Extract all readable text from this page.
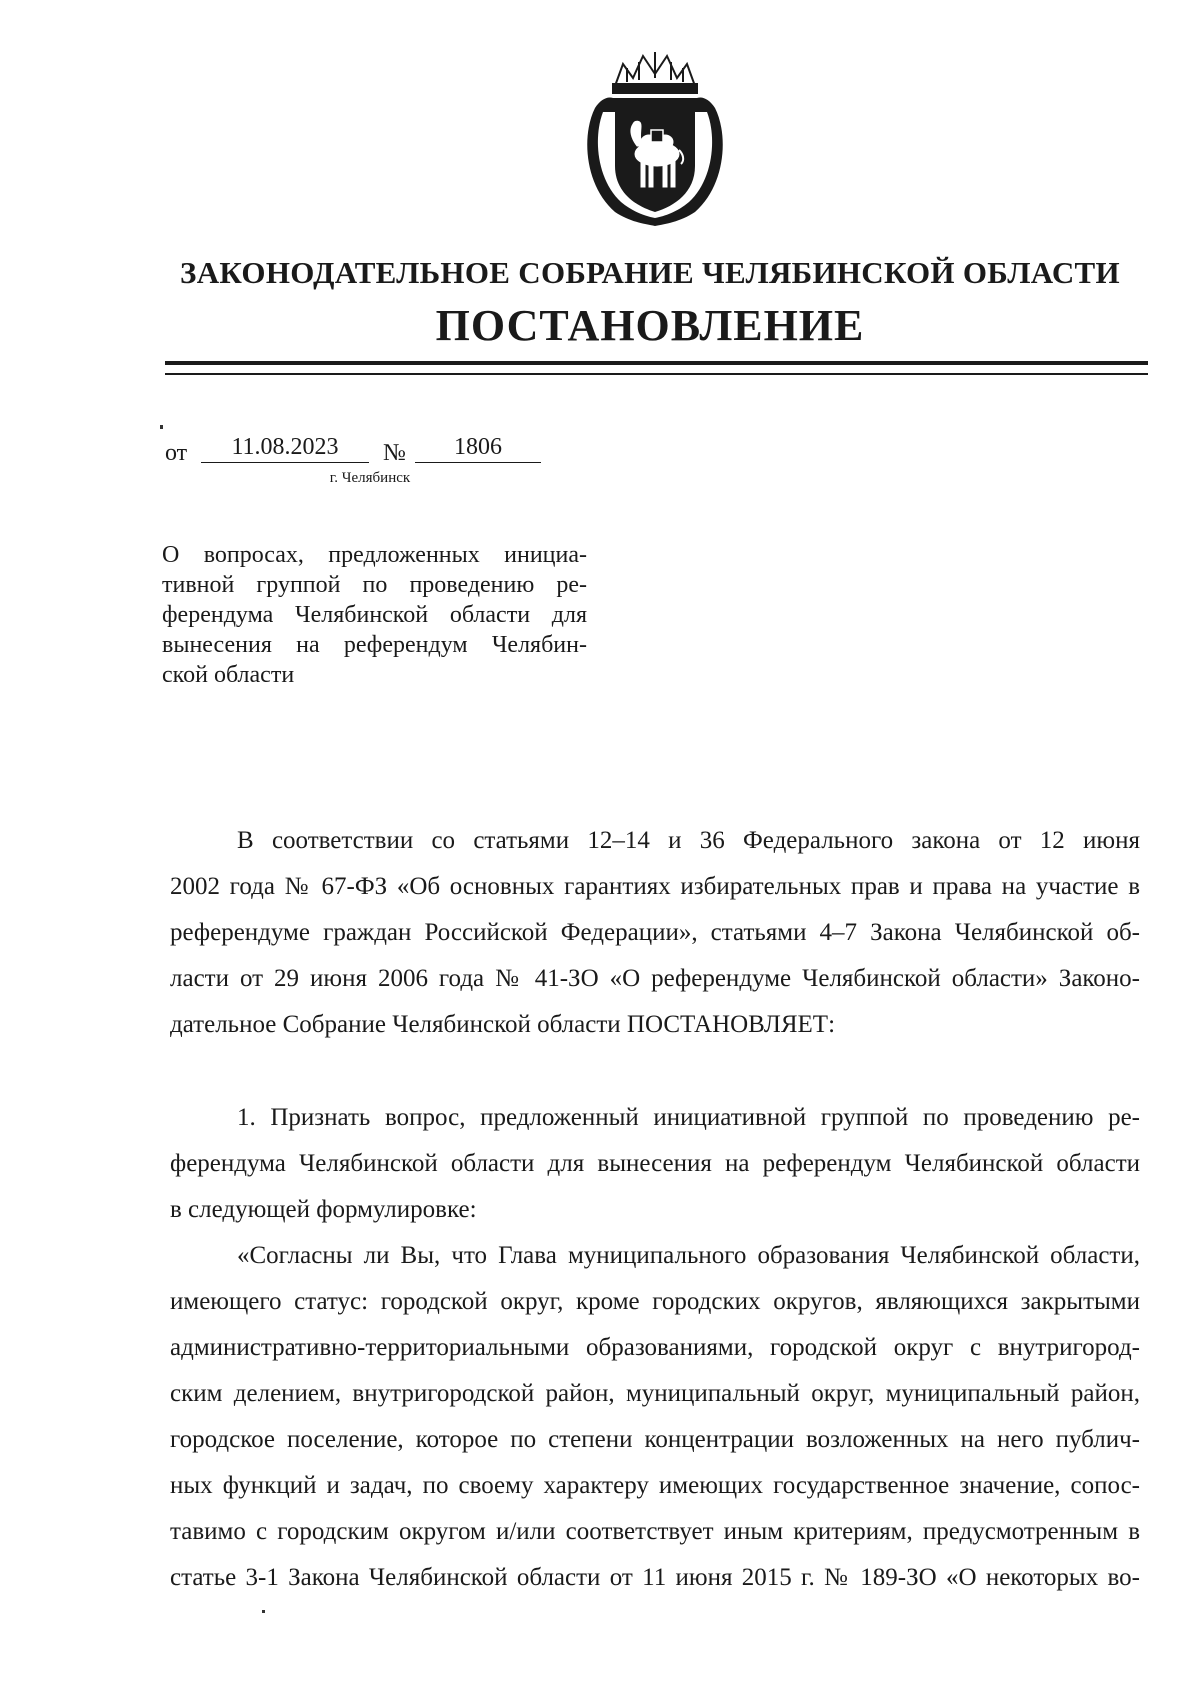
ЗАКОНОДАТЕЛЬНОЕ СОБРАНИЕ ЧЕЛЯБИНСКОЙ ОБЛАСТИ
ПОСТАНОВЛЕНИЕ
от	11.08.2023	№	1806
г. Челябинск
О вопросах, предложенных инициа-
тивной группой по проведению ре-
ферендума Челябинской области для
вынесения на референдум Челябин-
ской области
В соответствии со статьями 12–14 и 36 Федерального закона от 12 июня
2002 года № 67-ФЗ «Об основных гарантиях избирательных прав и права на участие в
референдуме граждан Российской Федерации», статьями 4–7 Закона Челябинской об-
ласти от 29 июня 2006 года № 41-ЗО «О референдуме Челябинской области» Законо-
дательное Собрание Челябинской области ПОСТАНОВЛЯЕТ:
1. Признать вопрос, предложенный инициативной группой по проведению ре-
ферендума Челябинской области для вынесения на референдум Челябинской области
в следующей формулировке:
«Согласны ли Вы, что Глава муниципального образования Челябинской области,
имеющего статус: городской округ, кроме городских округов, являющихся закрытыми
административно-территориальными образованиями, городской округ с внутригород-
ским делением, внутригородской район, муниципальный округ, муниципальный район,
городское поселение, которое по степени концентрации возложенных на него публич-
ных функций и задач, по своему характеру имеющих государственное значение, сопос-
тавимо с городским округом и/или соответствует иным критериям, предусмотренным в
статье 3-1 Закона Челябинской области от 11 июня 2015 г. № 189-ЗО «О некоторых во-
